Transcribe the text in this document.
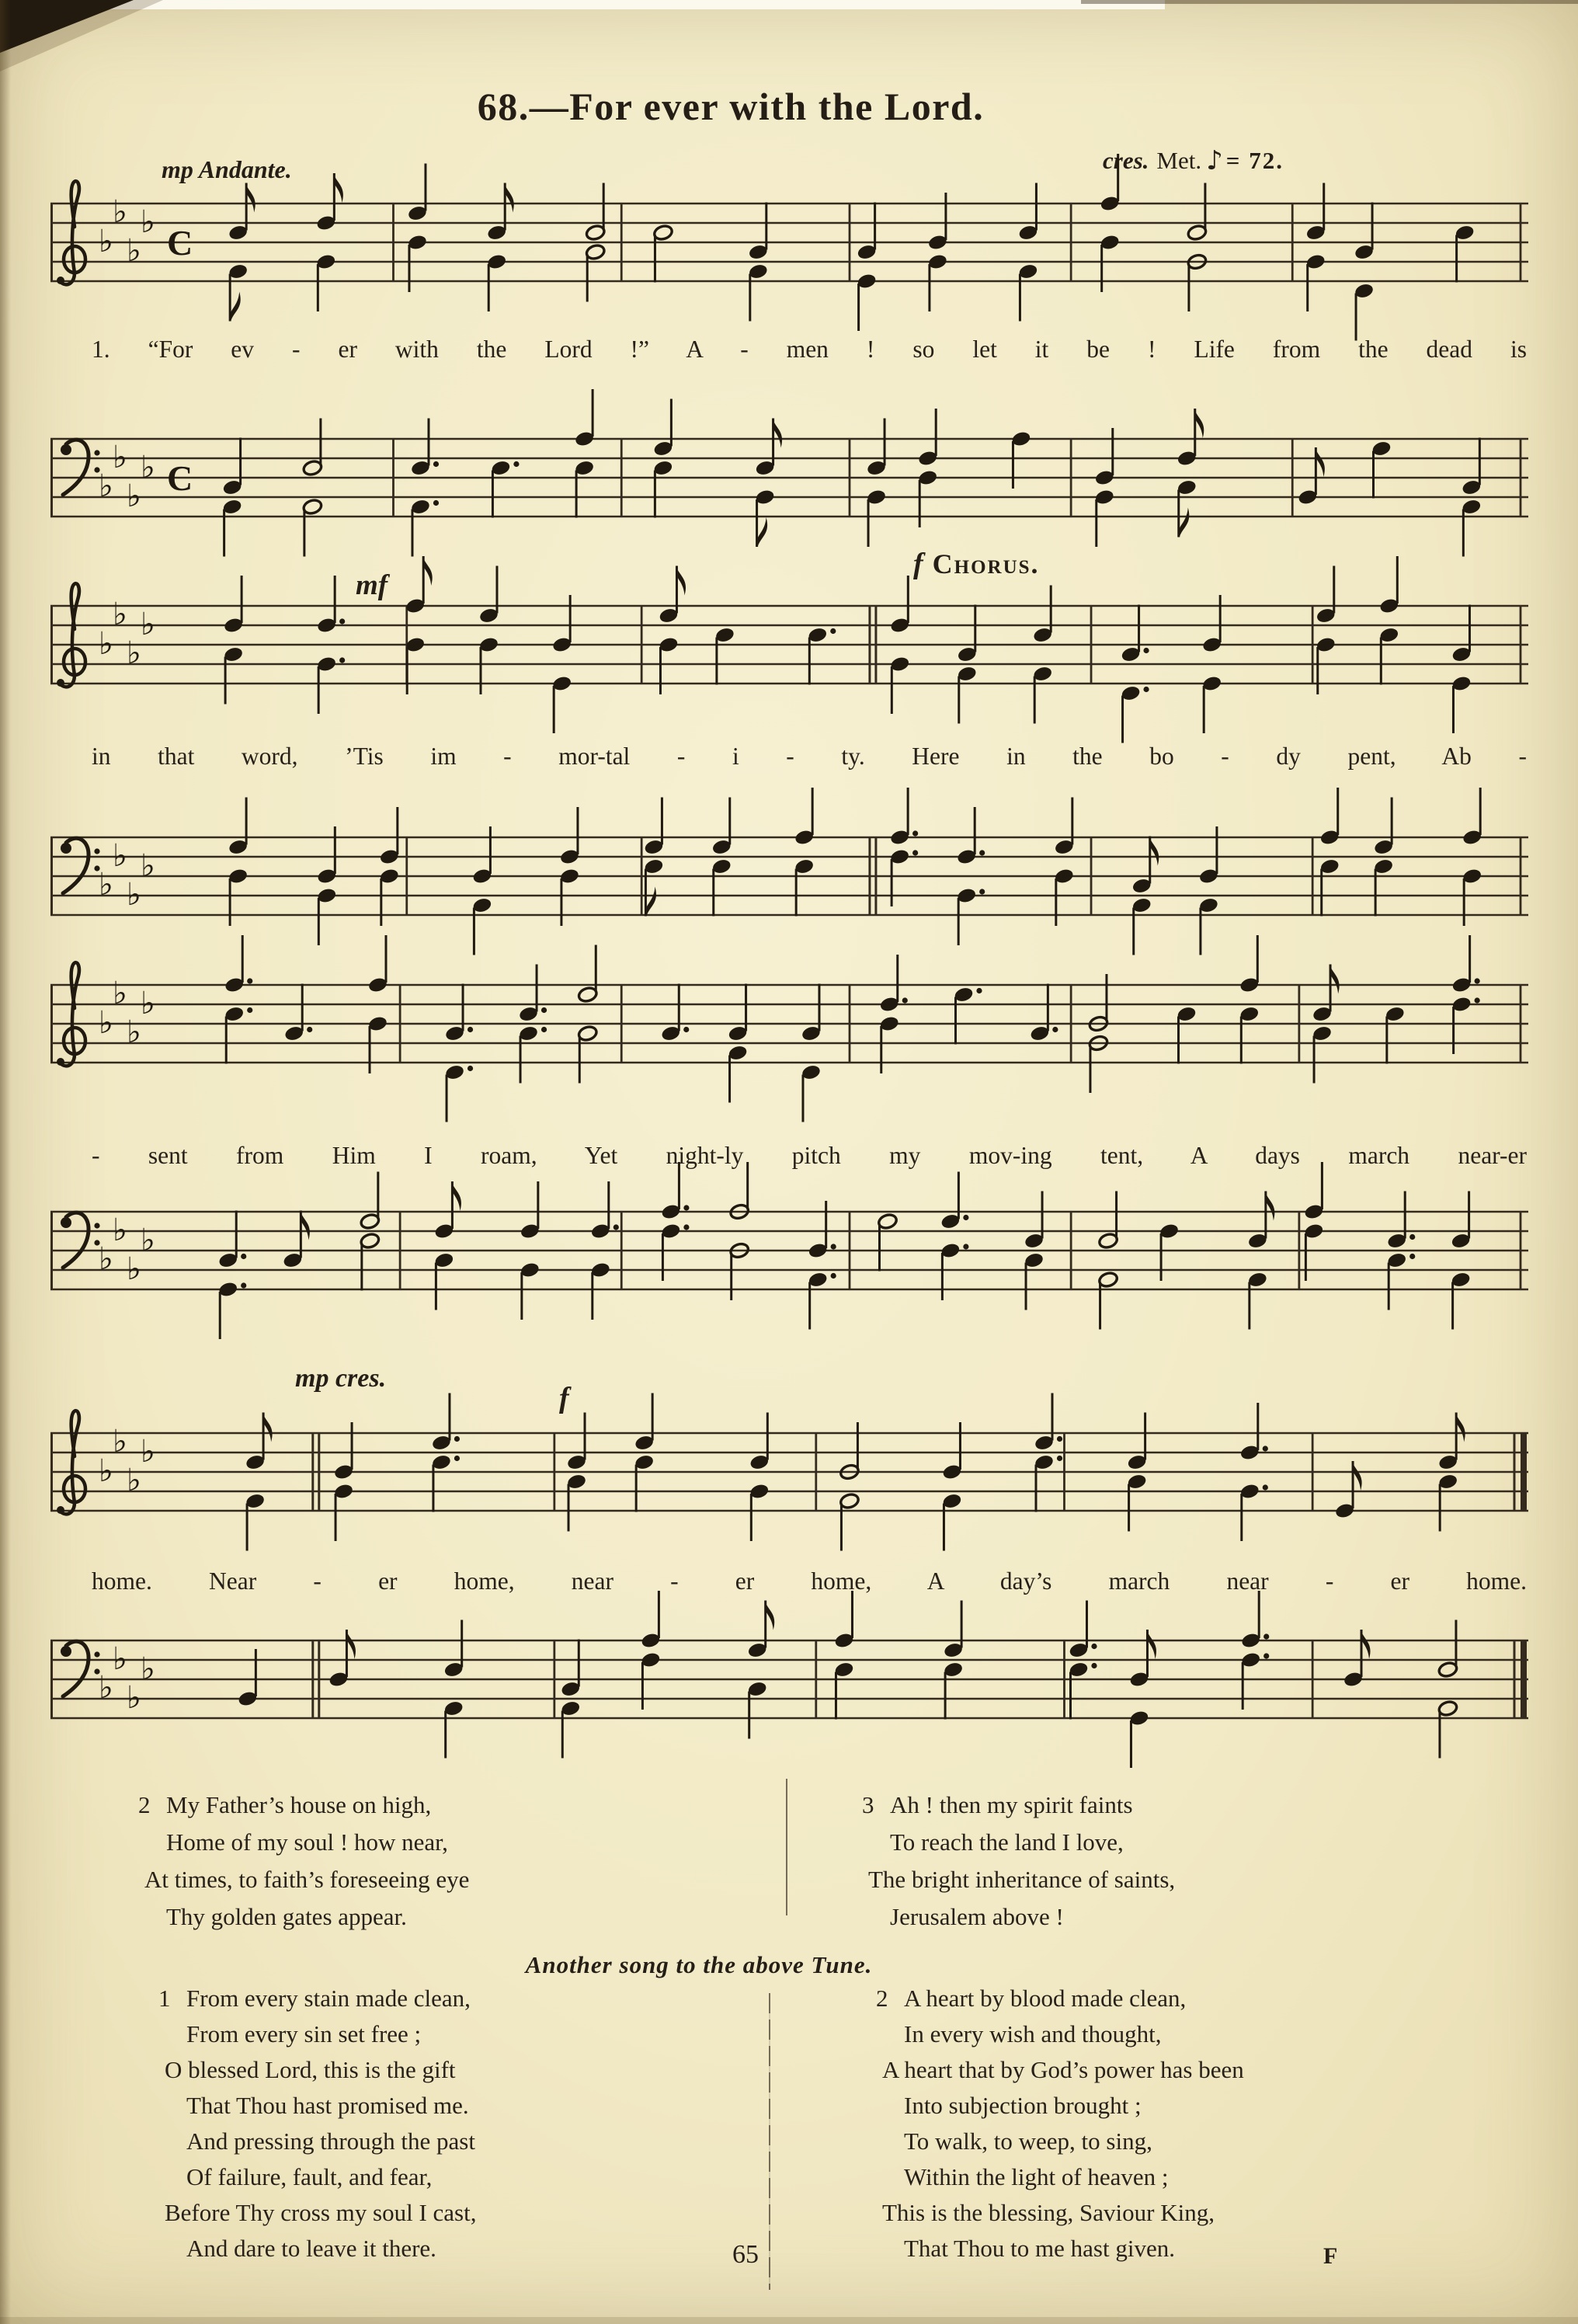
68.—For ever with the Lord.
mp Andante.	cres. Met. ♪ = 72.
♭
♭
♭
♭
C
1. “For ev - er with the Lord !” A - men ! so let it be ! Life from the dead is
♭
♭
♭
♭ C
mf
f Chorus.
♭
♭
♭
♭
in that word, ’Tis im - mor-tal - i - ty. Here in the bo - dy pent, Ab -
♭
♭
♭
♭
♭
♭
♭
♭
- sent from Him I roam, Yet night-ly pitch my mov-ing tent, A days march near-er
♭
♭
♭
♭
mp cres.
f
♭
♭
♭
♭
home. Near - er home, near - er home, A day’s march near - er home.
♭
♭
♭
♭
2 My Father’s house on high,
Home of my soul ! how near,
At times, to faith’s foreseeing eye
Thy golden gates appear.
3 Ah ! then my spirit faints
To reach the land I love,
The bright inheritance of saints,
Jerusalem above !
Another song to the above Tune.
1 From every stain made clean,
From every sin set free ;
O blessed Lord, this is the gift
That Thou hast promised me.
And pressing through the past
Of failure, fault, and fear,
Before Thy cross my soul I cast,
And dare to leave it there.
2 A heart by blood made clean,
In every wish and thought,
A heart that by God’s power has been
Into subjection brought ;
To walk, to weep, to sing,
Within the light of heaven ;
This is the blessing, Saviour King,
That Thou to me hast given.
65	F
